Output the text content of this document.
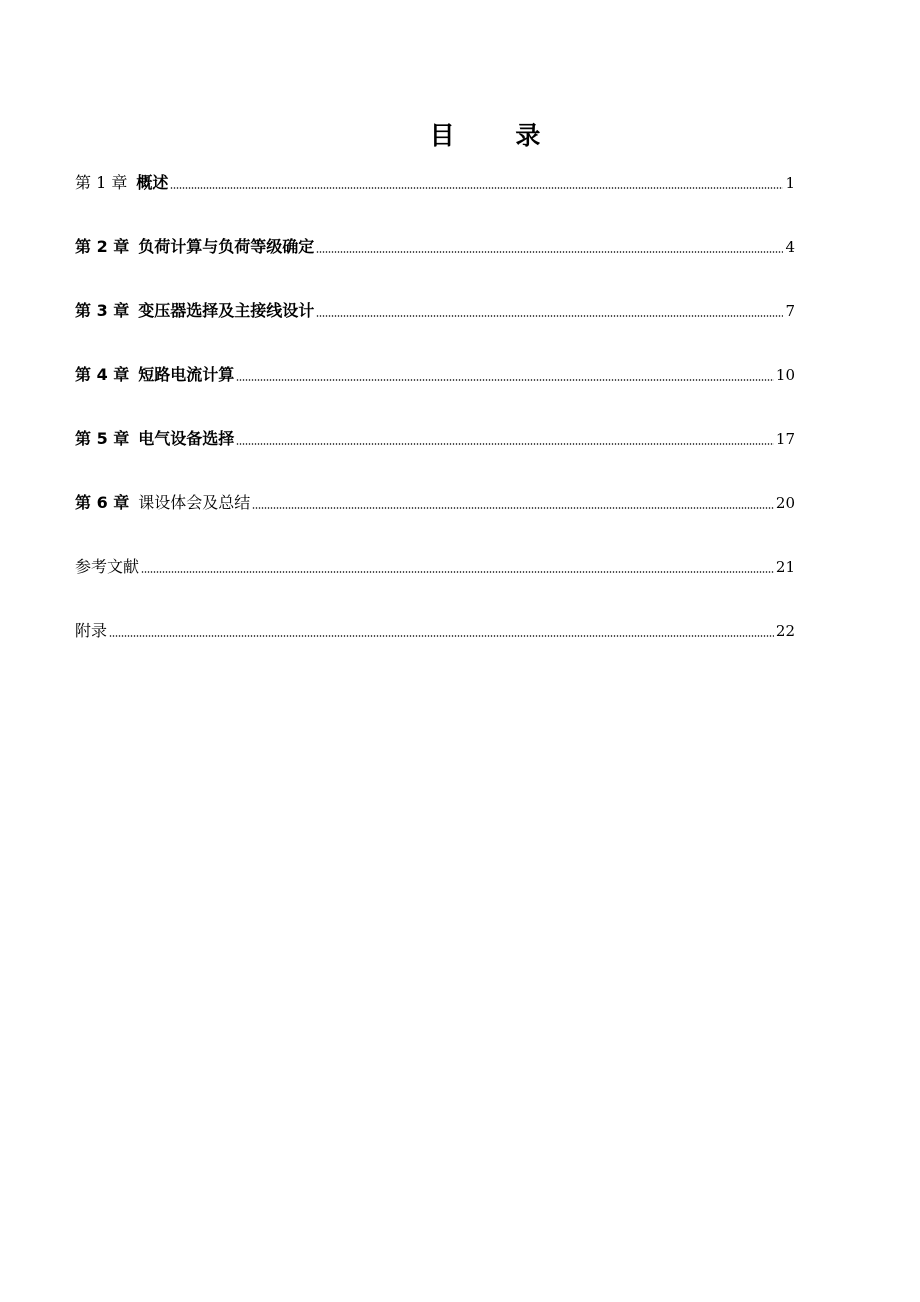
目 录
第 1 章 概述	1
第 2 章 负荷计算与负荷等级确定	4
第 3 章 变压器选择及主接线设计	7
第 4 章 短路电流计算	10
第 5 章 电气设备选择	17
第 6 章 课设体会及总结	20
参考文献	21
附录	22
